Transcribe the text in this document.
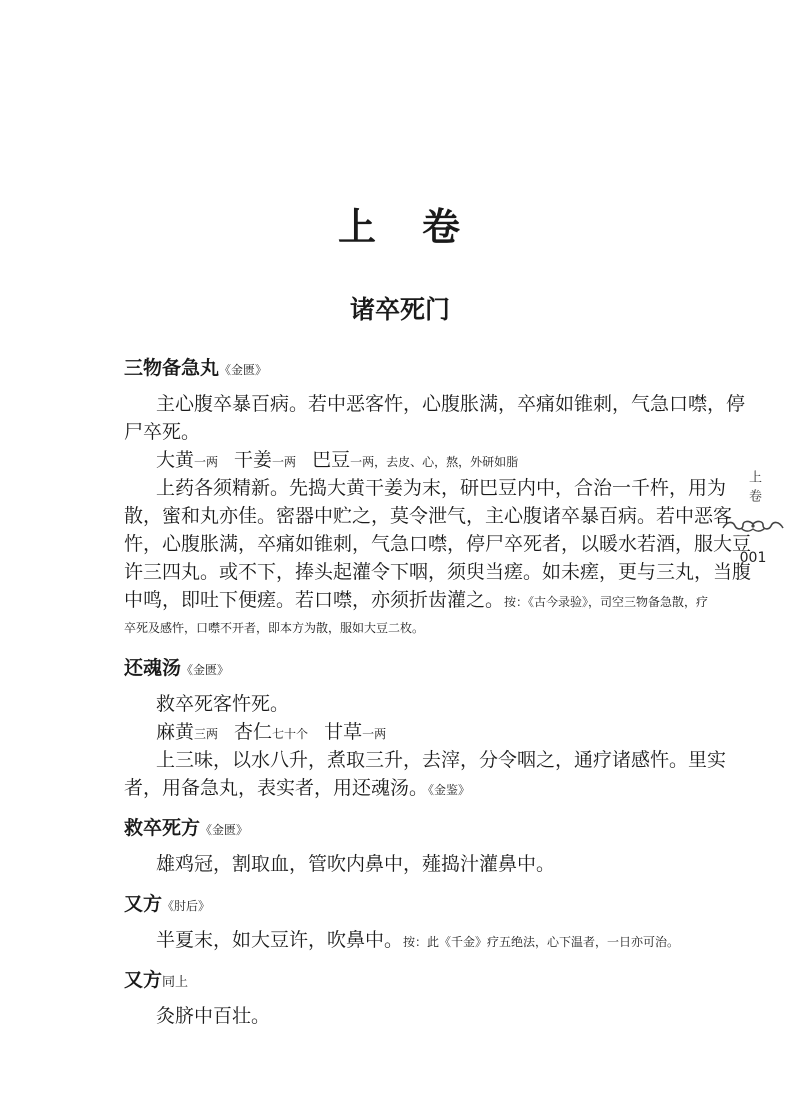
上 卷
诸卒死门
三物备急丸《金匮》
主心腹卒暴百病。若中恶客忤，心腹胀满，卒痛如锥刺，气急口噤，停
尸卒死。
大黄一两 干姜一两 巴豆一两，去皮、心，熬，外研如脂
上药各须精新。先捣大黄干姜为末，研巴豆内中，合治一千杵，用为
散，蜜和丸亦佳。密器中贮之，莫令泄气，主心腹诸卒暴百病。若中恶客
忤，心腹胀满，卒痛如锥刺，气急口噤，停尸卒死者，以暖水若酒，服大豆
许三四丸。或不下，捧头起灌令下咽，须臾当瘥。如未瘥，更与三丸，当腹
中鸣，即吐下便瘥。若口噤，亦须折齿灌之。按：《古今录验》，司空三物备急散，疗
卒死及感忤，口噤不开者，即本方为散，服如大豆二枚。
还魂汤《金匮》
救卒死客忤死。
麻黄三两 杏仁七十个 甘草一两
上三味，以水八升，煮取三升，去滓，分令咽之，通疗诸感忤。里实
者，用备急丸，表实者，用还魂汤。《金鉴》
救卒死方《金匮》
雄鸡冠，割取血，管吹内鼻中，薤捣汁灌鼻中。
又方《肘后》
半夏末，如大豆许，吹鼻中。按：此《千金》疗五绝法，心下温者，一日亦可治。
又方同上
灸脐中百壮。
上卷
001
